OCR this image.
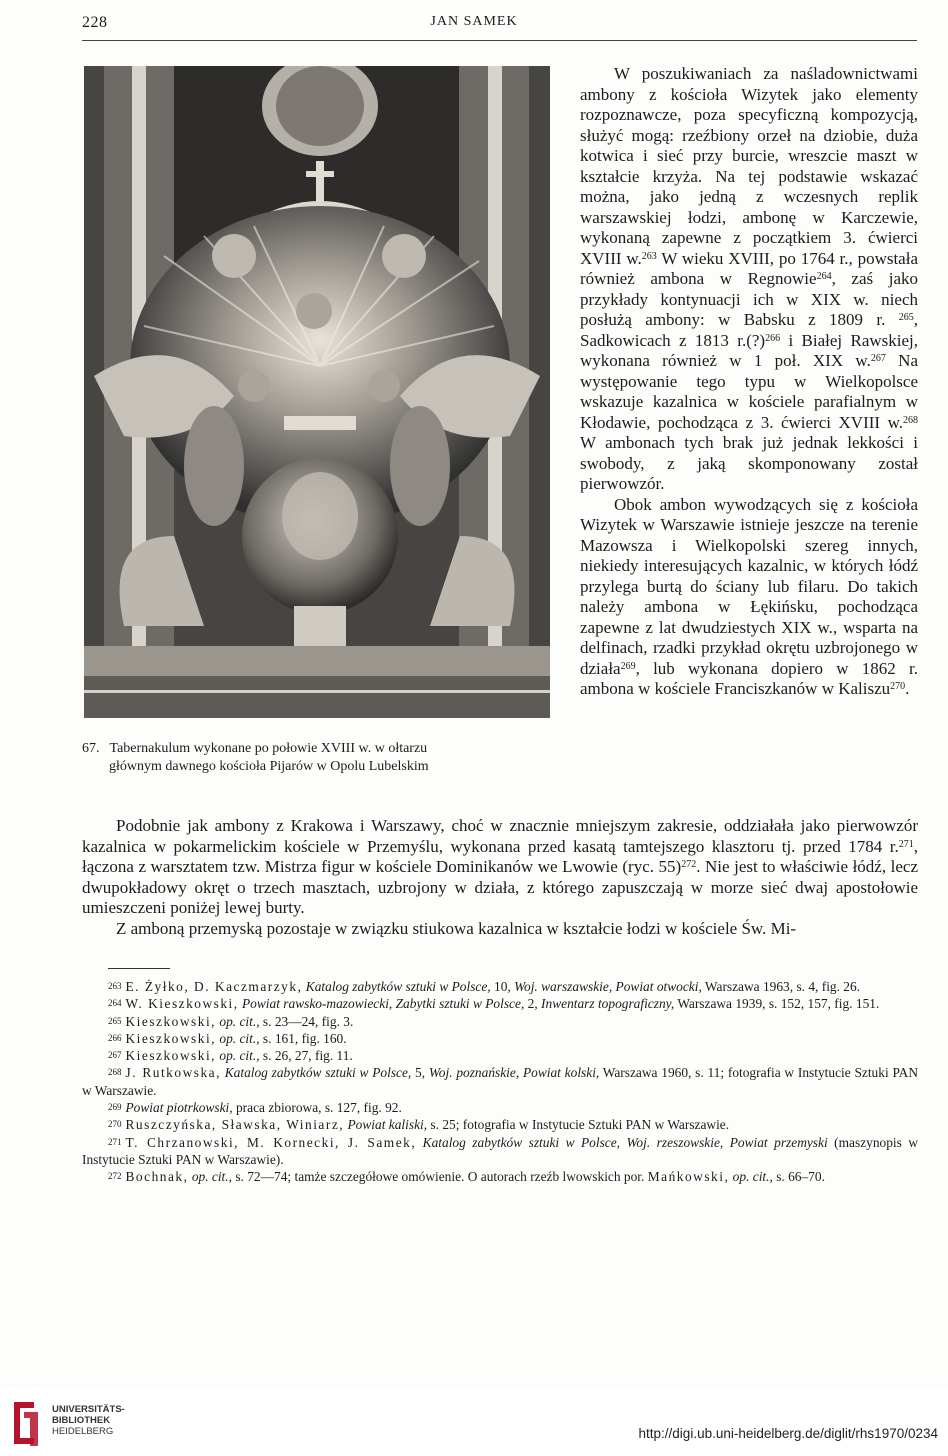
228	JAN SAMEK
67. Tabernakulum wykonane po połowie XVIII w. w ołtarzu
głównym dawnego kościoła Pijarów w Opolu Lubelskim

W poszukiwaniach za naśladownictwami ambony z kościoła Wizytek jako elementy rozpoznawcze, poza specyficzną kompozycją, służyć mogą: rzeźbiony orzeł na dziobie, duża kotwica i sieć przy burcie, wreszcie maszt w kształcie krzyża. Na tej podstawie wskazać można, jako jedną z wczesnych replik warszawskiej łodzi, ambonę w Karczewie, wykonaną zapewne z początkiem 3. ćwierci XVIII w.$^{263}$ W wieku XVIII, po 1764 r., powstała również ambona w Regnowie$^{264}$, zaś jako przykłady kontynuacji ich w XIX w. niech posłużą ambony: w Babsku z 1809 r. $^{265}$, Sadkowicach z 1813 r.(?)$^{266}$ i Białej Rawskiej, wykonana również w 1 poł. XIX w.$^{267}$ Na występowanie tego typu w Wielkopolsce wskazuje kazalnica w kościele parafialnym w Kłodawie, pochodząca z 3. ćwierci XVIII w.$^{268}$ W ambonach tych brak już jednak lekkości i swobody, z jaką skomponowany został pierwowzór.

Obok ambon wywodzących się z kościoła Wizytek w Warszawie istnieje jeszcze na terenie Mazowsza i Wielkopolski szereg innych, niekiedy interesujących kazalnic, w których łódź przylega burtą do ściany lub filaru. Do takich należy ambona w Łękińsku, pochodząca zapewne z lat dwudziestych XIX w., wsparta na delfinach, rzadki przykład okrętu uzbrojonego w działa$^{269}$, lub wykonana dopiero w 1862 r. ambona w kościele Franciszkanów w Kaliszu$^{270}$.

Podobnie jak ambony z Krakowa i Warszawy, choć w znacznie mniejszym zakresie, oddziałała jako pierwowzór kazalnica w pokarmelickim kościele w Przemyślu, wykonana przed kasatą tamtejszego klasztoru tj. przed 1784 r.$^{271}$, łączona z warsztatem tzw. Mistrza figur w kościele Dominikanów we Lwowie (ryc. 55)$^{272}$. Nie jest to właściwie łódź, lecz dwupokładowy okręt o trzech masztach, uzbrojony w działa, z którego zapuszczają w morze sieć dwaj apostołowie umieszczeni poniżej lewej burty.

Z amboną przemyską pozostaje w związku stiukowa kazalnica w kształcie łodzi w kościele Św. Mi-

$^{263}$ E. Żyłko, D. Kaczmarzyk, Katalog zabytków sztuki w Polsce, 10, Woj. warszawskie, Powiat otwocki, Warszawa 1963, s. 4, fig. 26.

$^{264}$ W. Kieszkowski, Powiat rawsko-mazowiecki, Zabytki sztuki w Polsce, 2, Inwentarz topograficzny, Warszawa 1939, s. 152, 157, fig. 151.

$^{265}$ Kieszkowski, op. cit., s. 23—24, fig. 3.

$^{266}$ Kieszkowski, op. cit., s. 161, fig. 160.

$^{267}$ Kieszkowski, op. cit., s. 26, 27, fig. 11.

$^{268}$ J. Rutkowska, Katalog zabytków sztuki w Polsce, 5, Woj. poznańskie, Powiat kolski, Warszawa 1960, s. 11; fotografia w Instytucie Sztuki PAN w Warszawie.

$^{269}$ Powiat piotrkowski, praca zbiorowa, s. 127, fig. 92.

$^{270}$ Ruszczyńska, Sławska, Winiarz, Powiat kaliski, s. 25; fotografia w Instytucie Sztuki PAN w Warszawie.

$^{271}$ T. Chrzanowski, M. Kornecki, J. Samek, Katalog zabytków sztuki w Polsce, Woj. rzeszowskie, Powiat przemyski (maszynopis w Instytucie Sztuki PAN w Warszawie).

$^{272}$ Bochnak, op. cit., s. 72—74; tamże szczegółowe omówienie. O autorach rzeźb lwowskich por. Mańkowski, op. cit., s. 66–70.

UNIVERSITÄTS-
BIBLIOTHEK
HEIDELBERG	http://digi.ub.uni-heidelberg.de/diglit/rhs1970/0234
